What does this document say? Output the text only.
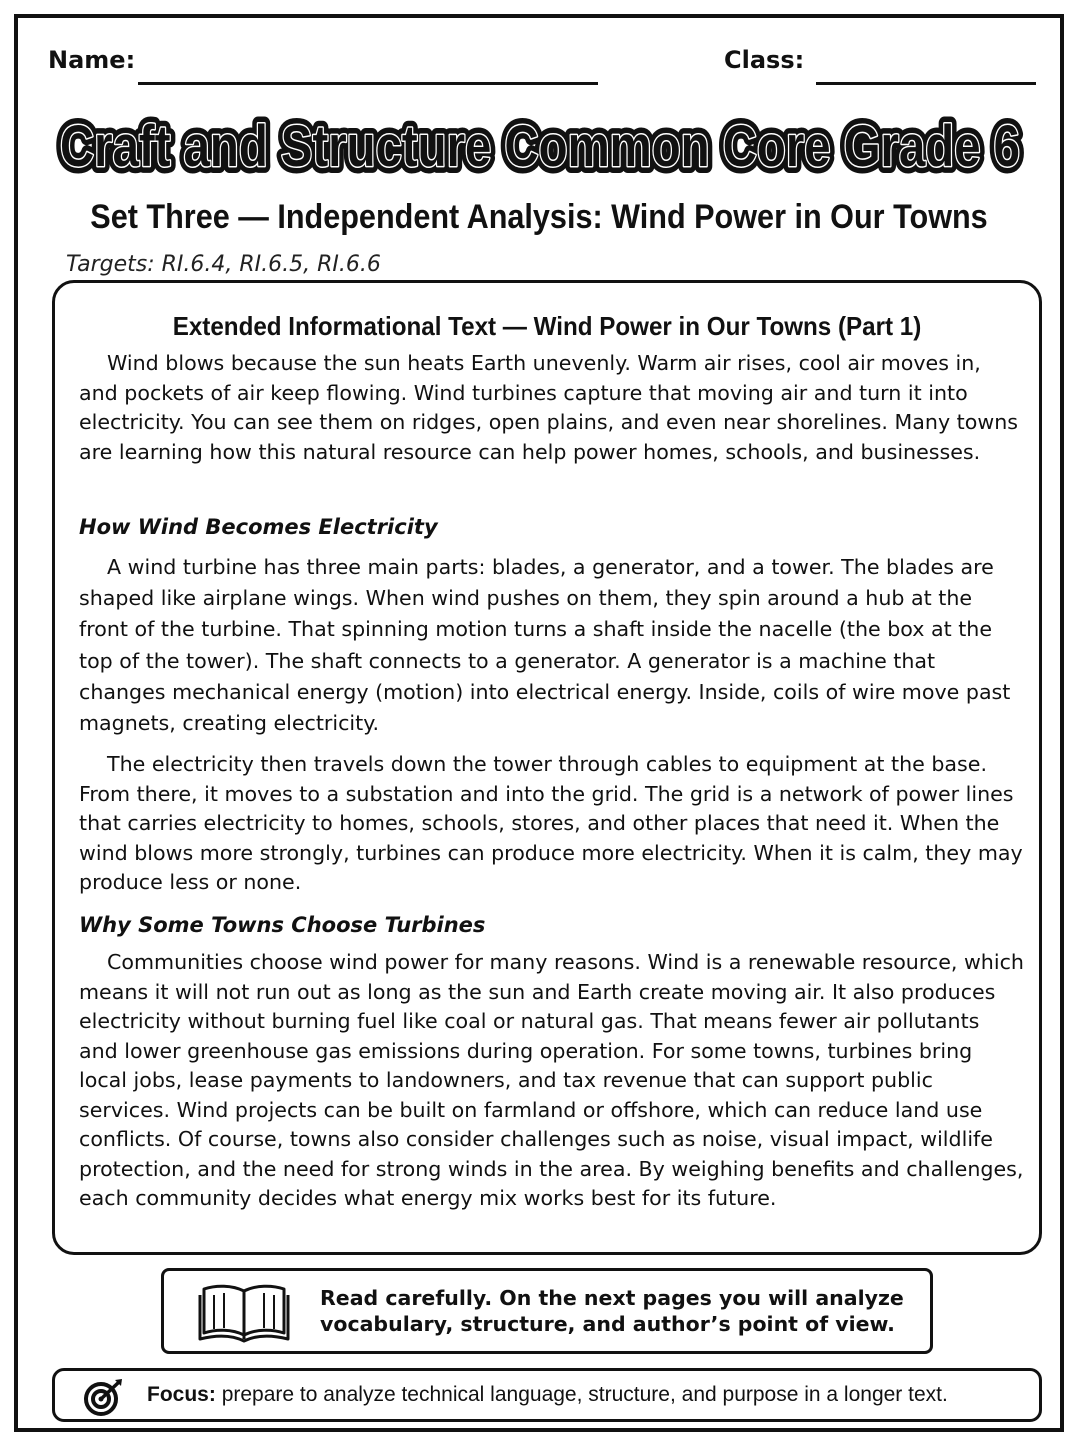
Name:	Class:
Craft and Structure Common Core Grade 6
Craft and Structure Common Core Grade 6
Set Three — Independent Analysis: Wind Power in Our Towns
Targets: RI.6.4, RI.6.5, RI.6.6
Extended Informational Text — Wind Power in Our Towns (Part 1)

Wind blows because the sun heats Earth unevenly. Warm air rises, cool air moves in, and pockets of air keep flowing. Wind turbines capture that moving air and turn it into electricity. You can see them on ridges, open plains, and even near shorelines. Many towns are learning how this natural resource can help power homes, schools, and businesses.

How Wind Becomes Electricity

A wind turbine has three main parts: blades, a generator, and a tower. The blades are shaped like airplane wings. When wind pushes on them, they spin around a hub at the front of the turbine. That spinning motion turns a shaft inside the nacelle (the box at the top of the tower). The shaft connects to a generator. A generator is a machine that changes mechanical energy (motion) into electrical energy. Inside, coils of wire move past magnets, creating electricity.

The electricity then travels down the tower through cables to equipment at the base. From there, it moves to a substation and into the grid. The grid is a network of power lines that carries electricity to homes, schools, stores, and other places that need it. When the wind blows more strongly, turbines can produce more electricity. When it is calm, they may produce less or none.

Why Some Towns Choose Turbines

Communities choose wind power for many reasons. Wind is a renewable resource, which means it will not run out as long as the sun and Earth create moving air. It also produces electricity without burning fuel like coal or natural gas. That means fewer air pollutants and lower greenhouse gas emissions during operation. For some towns, turbines bring local jobs, lease payments to landowners, and tax revenue that can support public services. Wind projects can be built on farmland or offshore, which can reduce land use conflicts. Of course, towns also consider challenges such as noise, visual impact, wildlife protection, and the need for strong winds in the area. By weighing benefits and challenges, each community decides what energy mix works best for its future.

Read carefully. On the next pages you will analyze vocabulary, structure, and author’s point of view.
Focus: prepare to analyze technical language, structure, and purpose in a longer text.
